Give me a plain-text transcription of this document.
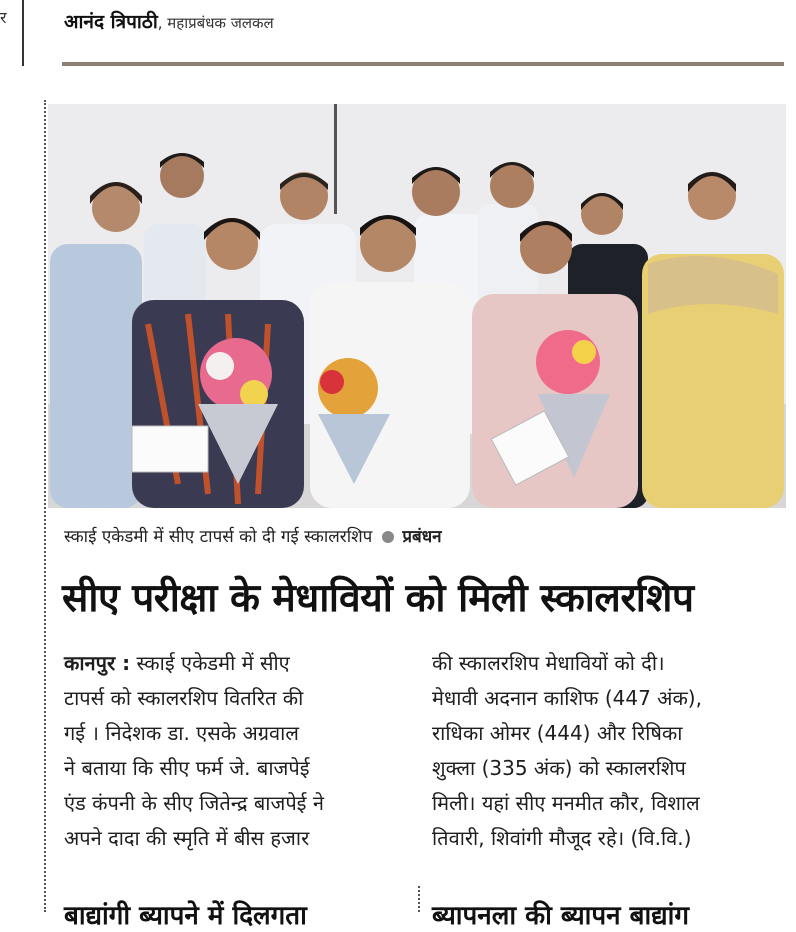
र	आनंद त्रिपाठी, महाप्रबंधक जलकल
स्काई एकेडमी में सीए टापर्स को दी गई स्कालरशिप प्रबंधन
सीए परीक्षा के मेधावियों को मिली स्कालरशिप
कानपुर : स्काई एकेडमी में सीए
टापर्स को स्कालरशिप वितरित की
गई । निदेशक डा. एसके अग्रवाल
ने बताया कि सीए फर्म जे. बाजपेई
एंड कंपनी के सीए जितेन्द्र बाजपेई ने
अपने दादा की स्मृति में बीस हजार
की स्कालरशिप मेधावियों को दी।
मेधावी अदनान काशिफ (447 अंक),
राधिका ओमर (444) और रिषिका
शुक्ला (335 अंक) को स्कालरशिप
मिली। यहां सीए मनमीत कौर, विशाल
तिवारी, शिवांगी मौजूद रहे। (वि.वि.)
बाद्यांगी ब्यापने में दिलगता	ब्यापनला की ब्यापन बाद्यांग
